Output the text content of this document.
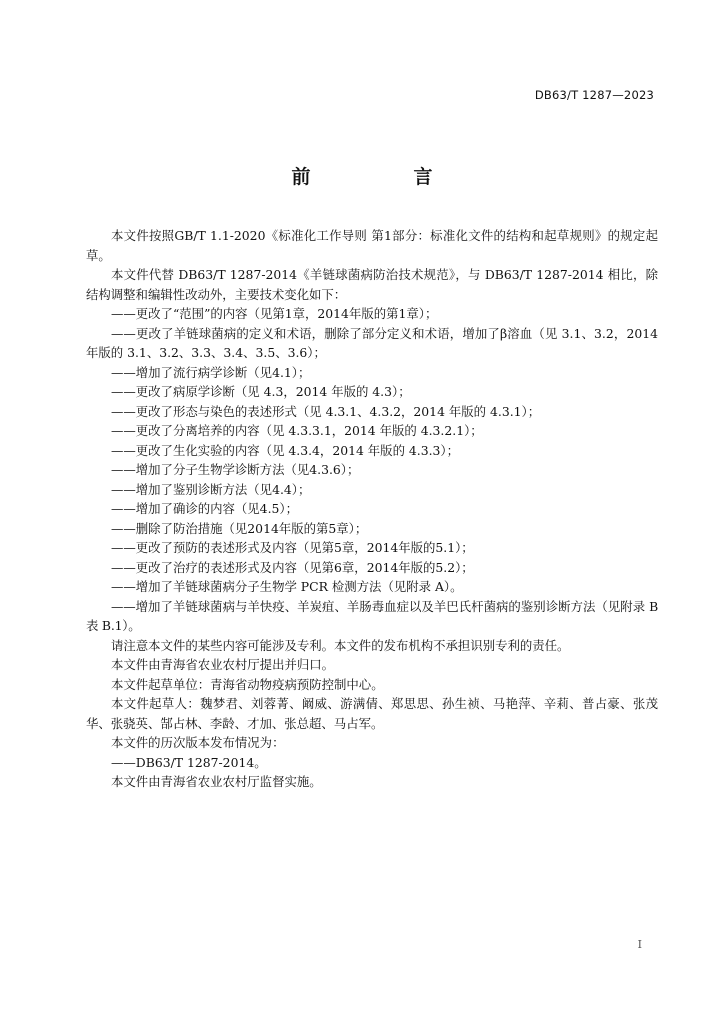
DB63/T 1287—2023
前　言

本文件按照GB/T 1.1-2020《标准化工作导则 第1部分：标准化文件的结构和起草规则》的规定起草。

本文件代替 DB63/T 1287-2014《羊链球菌病防治技术规范》，与 DB63/T 1287-2014 相比，除结构调整和编辑性改动外，主要技术变化如下：

——更改了“范围”的内容（见第1章，2014年版的第1章）；

——更改了羊链球菌病的定义和术语，删除了部分定义和术语，增加了β溶血（见 3.1、3.2，2014年版的 3.1、3.2、3.3、3.4、3.5、3.6）；

——增加了流行病学诊断（见4.1）；

——更改了病原学诊断（见 4.3，2014 年版的 4.3）；

——更改了形态与染色的表述形式（见 4.3.1、4.3.2，2014 年版的 4.3.1）；

——更改了分离培养的内容（见 4.3.3.1，2014 年版的 4.3.2.1）；

——更改了生化实验的内容（见 4.3.4，2014 年版的 4.3.3）；

——增加了分子生物学诊断方法（见4.3.6）；

——增加了鉴别诊断方法（见4.4）；

——增加了确诊的内容（见4.5）；

——删除了防治措施（见2014年版的第5章）；

——更改了预防的表述形式及内容（见第5章，2014年版的5.1）；

——更改了治疗的表述形式及内容（见第6章，2014年版的5.2）；

——增加了羊链球菌病分子生物学 PCR 检测方法（见附录 A）。

——增加了羊链球菌病与羊快疫、羊炭疽、羊肠毒血症以及羊巴氏杆菌病的鉴别诊断方法（见附录 B 表 B.1）。

请注意本文件的某些内容可能涉及专利。本文件的发布机构不承担识别专利的责任。

本文件由青海省农业农村厅提出并归口。

本文件起草单位：青海省动物疫病预防控制中心。

本文件起草人：魏梦君、刘蓉菁、阚威、游满倩、郑思思、孙生祯、马艳萍、辛莉、普占豪、张茂华、张骁英、郜占林、李龄、才加、张总超、马占军。

本文件的历次版本发布情况为：

——DB63/T 1287-2014。

本文件由青海省农业农村厅监督实施。

I
